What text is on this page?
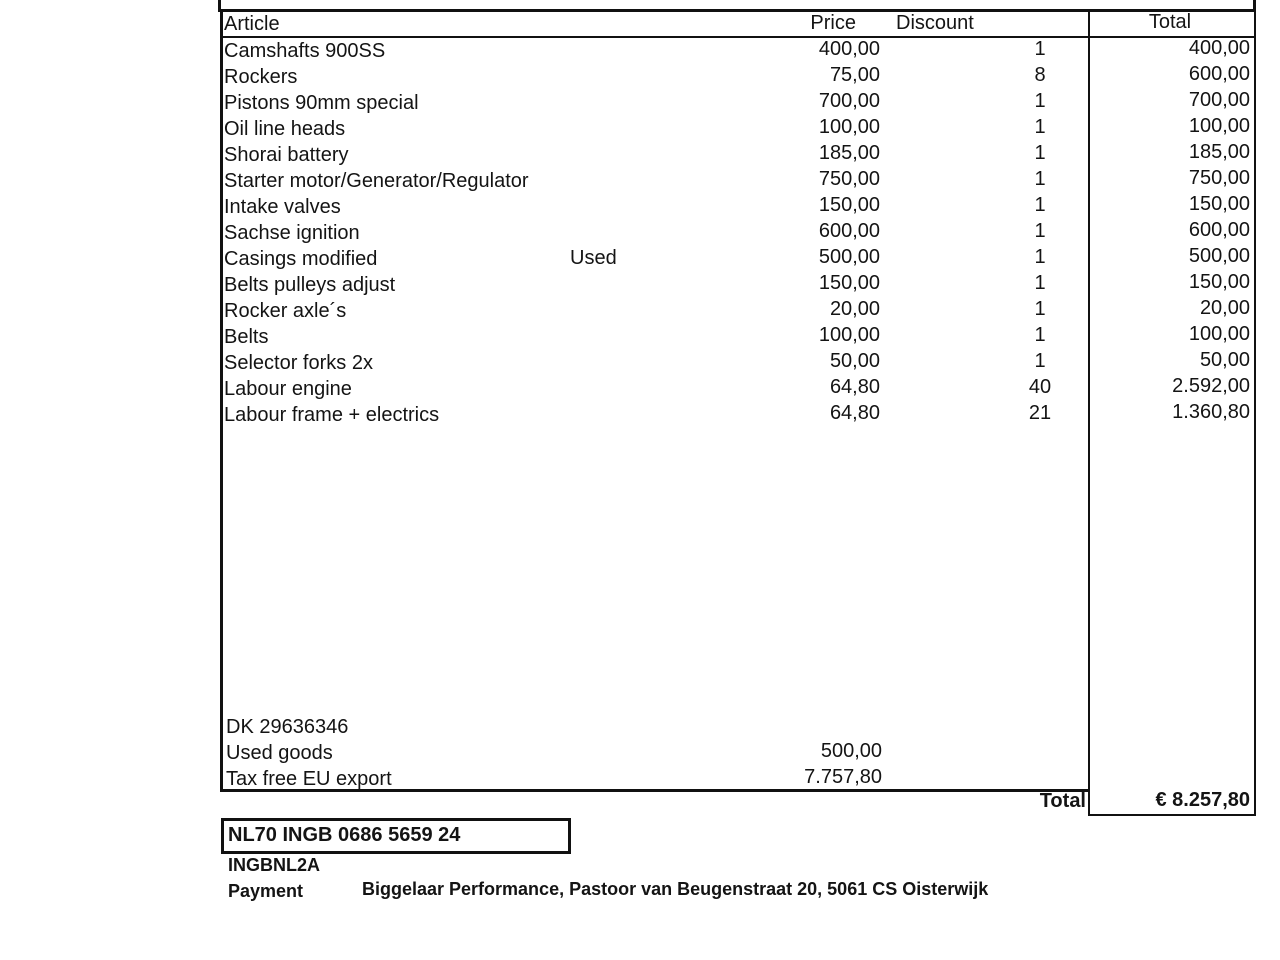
Article	Price Discount	Total
Camshafts 900SS	400,00	1	400,00
Rockers	75,00	8	600,00
Pistons 90mm special	700,00	1	700,00
Oil line heads	100,00	1	100,00
Shorai battery	185,00	1	185,00
Starter motor/Generator/Regulator	750,00	1	750,00
Intake valves	150,00	1	150,00
Sachse ignition	600,00	1	600,00
Casings modified	Used	500,00	1	500,00
Belts pulleys adjust	150,00	1	150,00
Rocker axle´s	20,00	1	20,00
Belts	100,00	1	100,00
Selector forks 2x	50,00	1	50,00
Labour engine	64,80	40	2.592,00
Labour frame + electrics	64,80	21	1.360,80
DK 29636346
Used goods	500,00
Tax free EU export	7.757,80
Total	€ 8.257,80
NL70 INGB 0686 5659 24
INGBNL2A
Payment	Biggelaar Performance, Pastoor van Beugenstraat 20, 5061 CS Oisterwijk
